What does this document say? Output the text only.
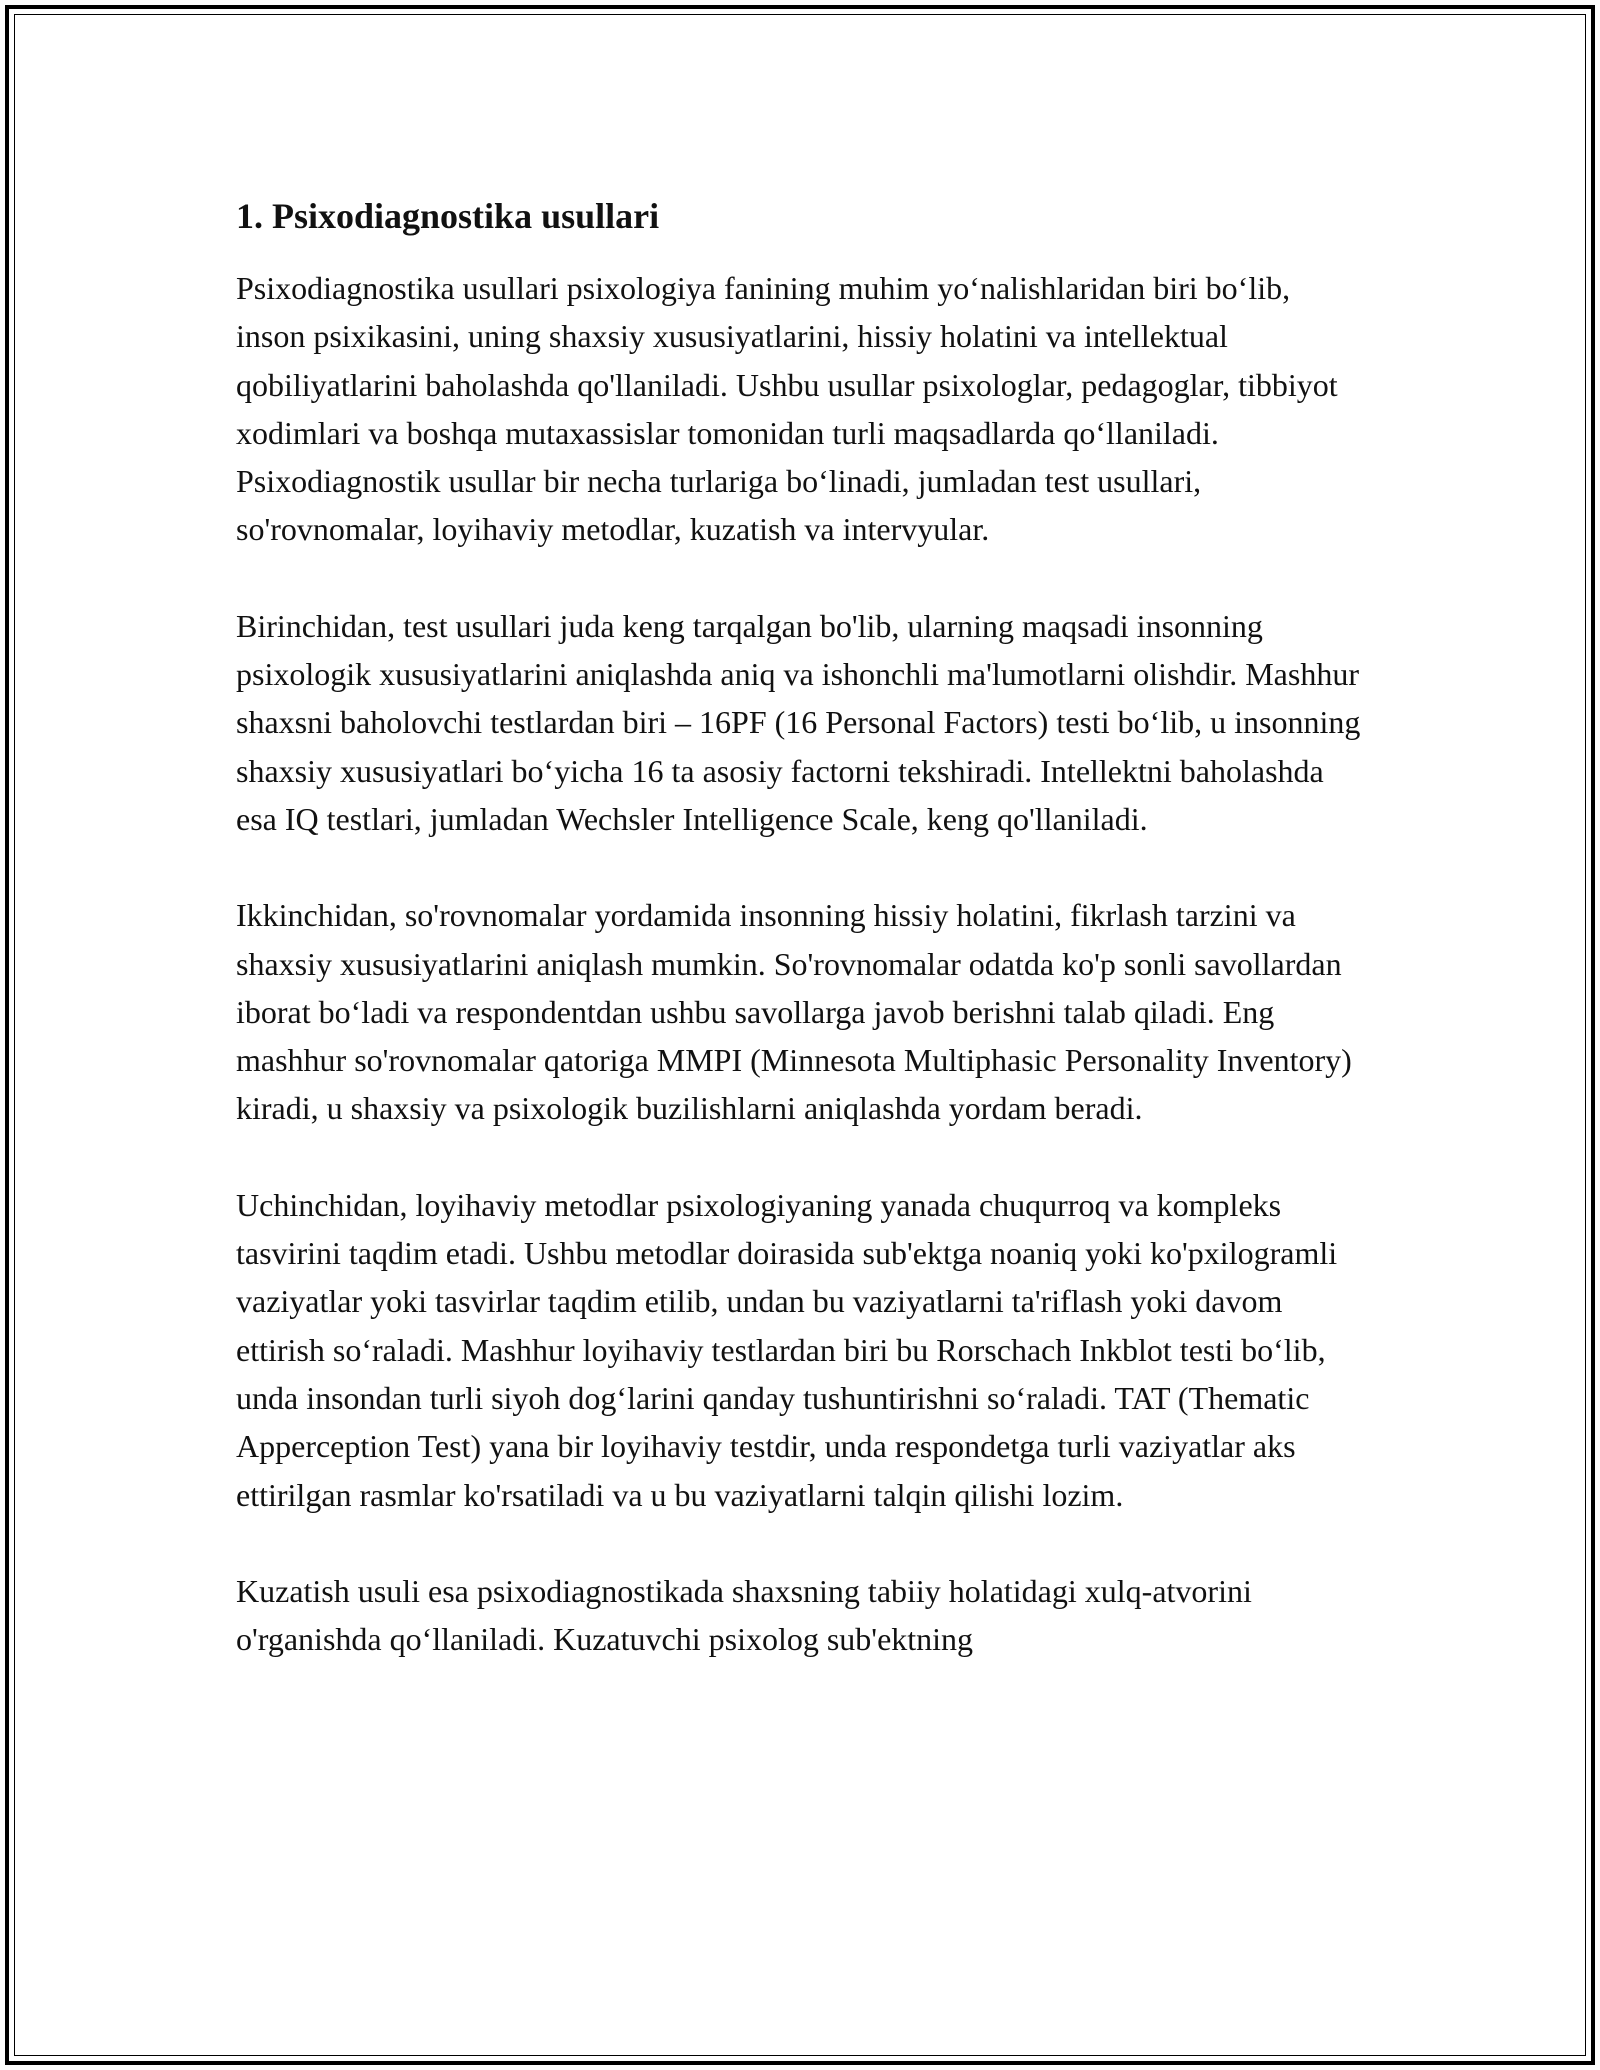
1. Psixodiagnostika usullari

Psixodiagnostika usullari psixologiya fanining muhim yo‘nalishlaridan biri bo‘lib, inson psixikasini, uning shaxsiy xususiyatlarini, hissiy holatini va intellektual qobiliyatlarini baholashda qo'llaniladi. Ushbu usullar psixologlar, pedagoglar, tibbiyot xodimlari va boshqa mutaxassislar tomonidan turli maqsadlarda qo‘llaniladi. Psixodiagnostik usullar bir necha turlariga bo‘linadi, jumladan test usullari, so'rovnomalar, loyihaviy metodlar, kuzatish va intervyular.

Birinchidan, test usullari juda keng tarqalgan bo'lib, ularning maqsadi insonning psixologik xususiyatlarini aniqlashda aniq va ishonchli ma'lumotlarni olishdir. Mashhur shaxsni baholovchi testlardan biri – 16PF (16 Personal Factors) testi bo‘lib, u insonning shaxsiy xususiyatlari bo‘yicha 16 ta asosiy factorni tekshiradi. Intellektni baholashda esa IQ testlari, jumladan Wechsler Intelligence Scale, keng qo'llaniladi.

Ikkinchidan, so'rovnomalar yordamida insonning hissiy holatini, fikrlash tarzini va shaxsiy xususiyatlarini aniqlash mumkin. So'rovnomalar odatda ko'p sonli savollardan iborat bo‘ladi va respondentdan ushbu savollarga javob berishni talab qiladi. Eng mashhur so'rovnomalar qatoriga MMPI (Minnesota Multiphasic Personality Inventory) kiradi, u shaxsiy va psixologik buzilishlarni aniqlashda yordam beradi.

Uchinchidan, loyihaviy metodlar psixologiyaning yanada chuqurroq va kompleks tasvirini taqdim etadi. Ushbu metodlar doirasida sub'ektga noaniq yoki ko'pxilogramli vaziyatlar yoki tasvirlar taqdim etilib, undan bu vaziyatlarni ta'riflash yoki davom ettirish so‘raladi. Mashhur loyihaviy testlardan biri bu Rorschach Inkblot testi bo‘lib, unda insondan turli siyoh dog‘larini qanday tushuntirishni so‘raladi. TAT (Thematic Apperception Test) yana bir loyihaviy testdir, unda respondetga turli vaziyatlar aks ettirilgan rasmlar ko'rsatiladi va u bu vaziyatlarni talqin qilishi lozim.

Kuzatish usuli esa psixodiagnostikada shaxsning tabiiy holatidagi xulq-atvorini o'rganishda qo‘llaniladi. Kuzatuvchi psixolog sub'ektning
